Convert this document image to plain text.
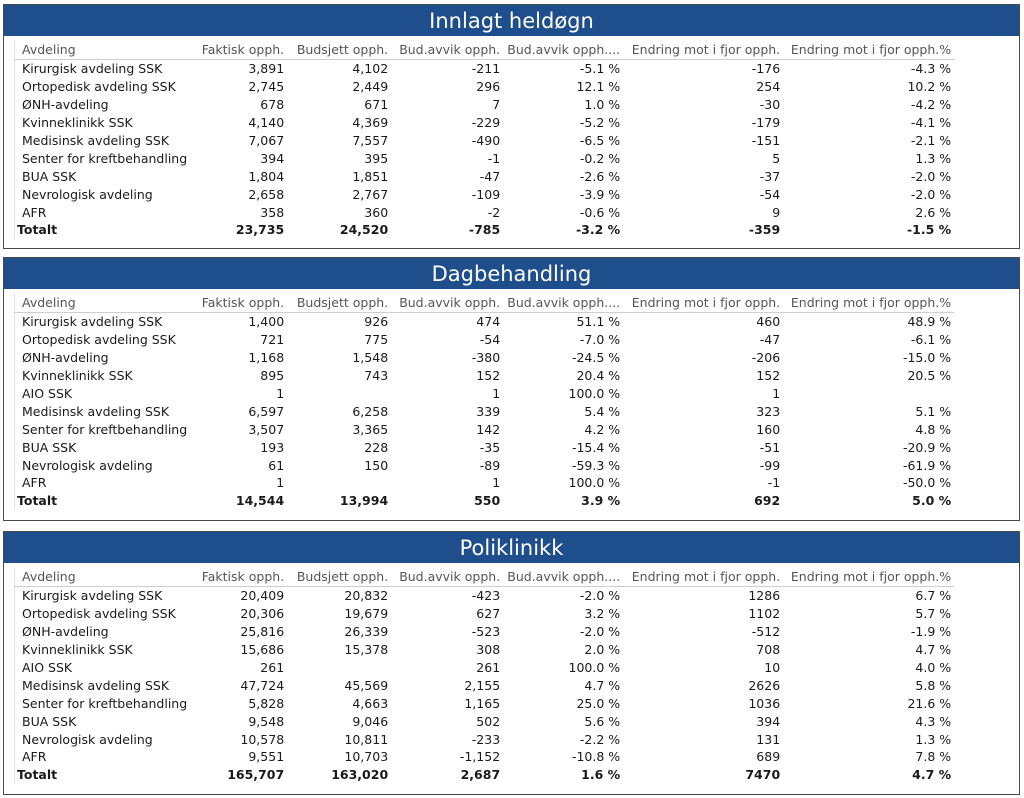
Innlagt heldøgn
Avdeling	Faktisk opph.	Budsjett opph.	Bud.avvik opph.	Bud.avvik opph....	Endring mot i fjor opph.	Endring mot i fjor opph.%	
Kirurgisk avdeling SSK	3,891	4,102	-211	-5.1 %	-176	-4.3 %	
Ortopedisk avdeling SSK	2,745	2,449	296	12.1 %	254	10.2 %	
ØNH-avdeling	678	671	7	1.0 %	-30	-4.2 %	
Kvinneklinikk SSK	4,140	4,369	-229	-5.2 %	-179	-4.1 %	
Medisinsk avdeling SSK	7,067	7,557	-490	-6.5 %	-151	-2.1 %	
Senter for kreftbehandling	394	395	-1	-0.2 %	5	1.3 %	
BUA SSK	1,804	1,851	-47	-2.6 %	-37	-2.0 %	
Nevrologisk avdeling	2,658	2,767	-109	-3.9 %	-54	-2.0 %	
AFR	358	360	-2	-0.6 %	9	2.6 %	
Totalt	23,735	24,520	-785	-3.2 %	-359	-1.5 %	
Dagbehandling
Avdeling	Faktisk opph.	Budsjett opph.	Bud.avvik opph.	Bud.avvik opph....	Endring mot i fjor opph.	Endring mot i fjor opph.%	
Kirurgisk avdeling SSK	1,400	926	474	51.1 %	460	48.9 %	
Ortopedisk avdeling SSK	721	775	-54	-7.0 %	-47	-6.1 %	
ØNH-avdeling	1,168	1,548	-380	-24.5 %	-206	-15.0 %	
Kvinneklinikk SSK	895	743	152	20.4 %	152	20.5 %	
AIO SSK	1		1	100.0 %	1		
Medisinsk avdeling SSK	6,597	6,258	339	5.4 %	323	5.1 %	
Senter for kreftbehandling	3,507	3,365	142	4.2 %	160	4.8 %	
BUA SSK	193	228	-35	-15.4 %	-51	-20.9 %	
Nevrologisk avdeling	61	150	-89	-59.3 %	-99	-61.9 %	
AFR	1		1	100.0 %	-1	-50.0 %	
Totalt	14,544	13,994	550	3.9 %	692	5.0 %	
Poliklinikk
Avdeling	Faktisk opph.	Budsjett opph.	Bud.avvik opph.	Bud.avvik opph....	Endring mot i fjor opph.	Endring mot i fjor opph.%	
Kirurgisk avdeling SSK	20,409	20,832	-423	-2.0 %	1286	6.7 %	
Ortopedisk avdeling SSK	20,306	19,679	627	3.2 %	1102	5.7 %	
ØNH-avdeling	25,816	26,339	-523	-2.0 %	-512	-1.9 %	
Kvinneklinikk SSK	15,686	15,378	308	2.0 %	708	4.7 %	
AIO SSK	261		261	100.0 %	10	4.0 %	
Medisinsk avdeling SSK	47,724	45,569	2,155	4.7 %	2626	5.8 %	
Senter for kreftbehandling	5,828	4,663	1,165	25.0 %	1036	21.6 %	
BUA SSK	9,548	9,046	502	5.6 %	394	4.3 %	
Nevrologisk avdeling	10,578	10,811	-233	-2.2 %	131	1.3 %	
AFR	9,551	10,703	-1,152	-10.8 %	689	7.8 %	
Totalt	165,707	163,020	2,687	1.6 %	7470	4.7 %	
